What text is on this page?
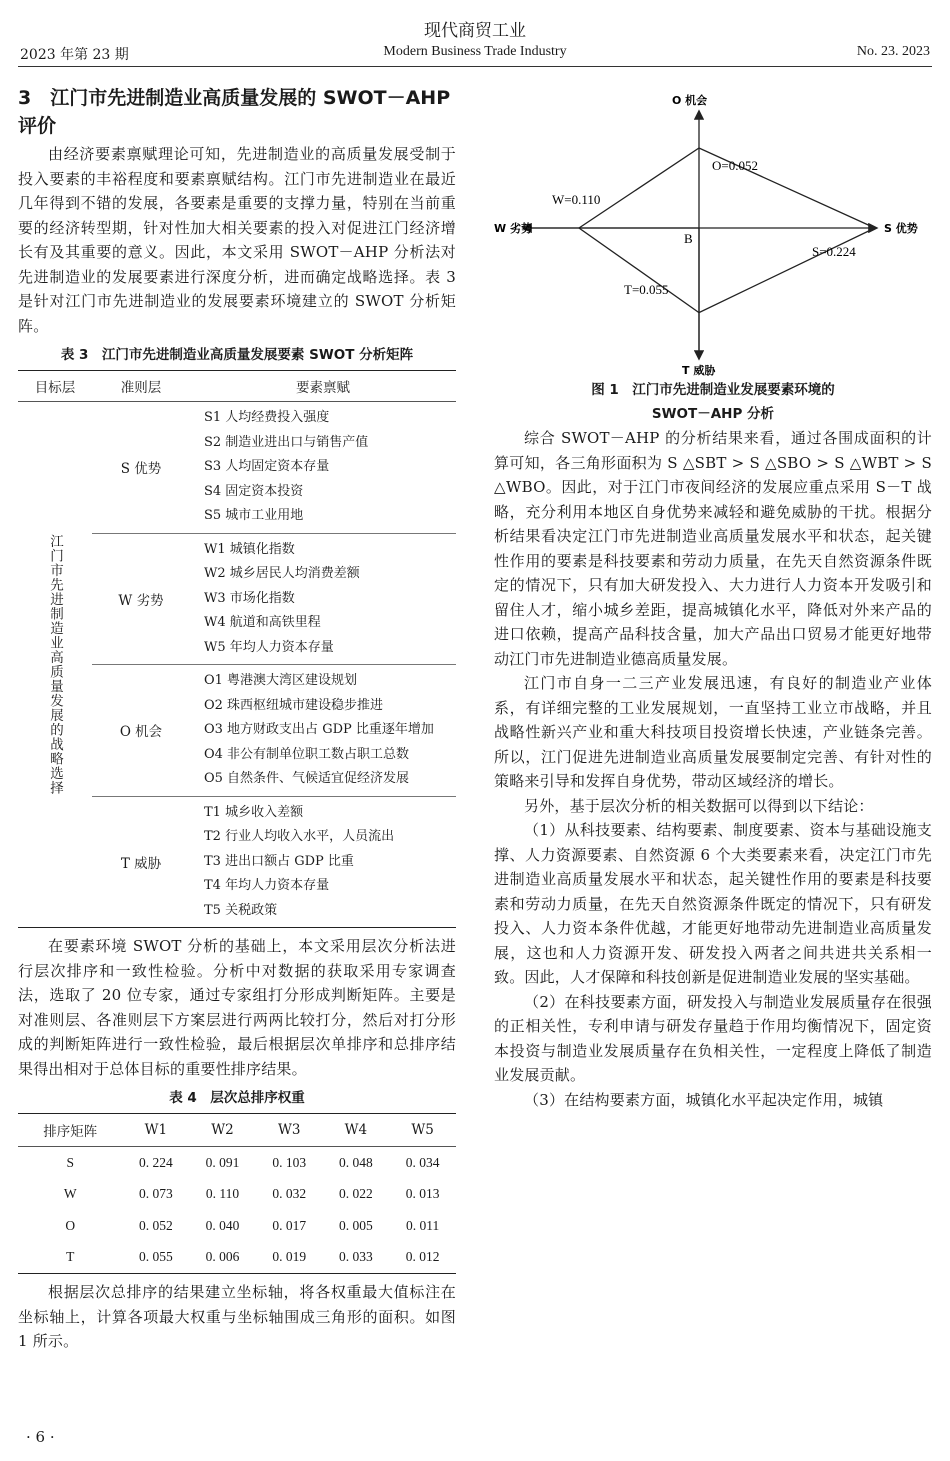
现代商贸工业
2023 年第 23 期	Modern Business Trade Industry	No. 23. 2023
3　江门市先进制造业高质量发展的 SWOT－AHP 评价

由经济要素禀赋理论可知，先进制造业的高质量发展受制于投入要素的丰裕程度和要素禀赋结构。江门市先进制造业在最近几年得到不错的发展，各要素是重要的支撑力量，特别在当前重要的经济转型期，针对性加大相关要素的投入对促进江门经济增长有及其重要的意义。因此，本文采用 SWOT－AHP 分析法对先进制造业的发展要素进行深度分析，进而确定战略选择。表 3 是针对江门市先进制造业的发展要素环境建立的 SWOT 分析矩阵。

表 3　江门市先进制造业高质量发展要素 SWOT 分析矩阵
目标层	准则层	要素禀赋

江门市先进制造业高质量发展的战略选择	S 优势	S1 人均经费投入强度
S2 制造业进出口与销售产值
S3 人均固定资本存量
S4 固定资本投资
S5 城市工业用地

	W 劣势	W1 城镇化指数
W2 城乡居民人均消费差额
W3 市场化指数
W4 航道和高铁里程
W5 年均人力资本存量

	O 机会	O1 粤港澳大湾区建设规划
O2 珠西枢纽城市建设稳步推进
O3 地方财政支出占 GDP 比重逐年增加
O4 非公有制单位职工数占职工总数
O5 自然条件、气候适宜促经济发展

	T 威胁	T1 城乡收入差额
T2 行业人均收入水平，人员流出
T3 进出口额占 GDP 比重
T4 年均人力资本存量
T5 关税政策

在要素环境 SWOT 分析的基础上，本文采用层次分析法进行层次排序和一致性检验。分析中对数据的获取采用专家调查法，选取了 20 位专家，通过专家组打分形成判断矩阵。主要是对准则层、各准则层下方案层进行两两比较打分，然后对打分形成的判断矩阵进行一致性检验，最后根据层次单排序和总排序结果得出相对于总体目标的重要性排序结果。

表 4　层次总排序权重
排序矩阵	W1	W2	W3	W4	W5
S	0. 224	0. 091	0. 103	0. 048	0. 034
W	0. 073	0. 110	0. 032	0. 022	0. 013
O	0. 052	0. 040	0. 017	0. 005	0. 011
T	0. 055	0. 006	0. 019	0. 033	0. 012

根据层次总排序的结果建立坐标轴，将各权重最大值标注在坐标轴上，计算各项最大权重与坐标轴围成三角形的面积。如图 1 所示。

O 机会
T 威胁
W 劣势	S 优势
B
O=0.052
W=0.110
S=0.224
T=0.055
图 1　江门市先进制造业发展要素环境的
SWOT－AHP 分析

综合 SWOT－AHP 的分析结果来看，通过各围成面积的计算可知，各三角形面积为 S △SBT > S △SBO > S △WBT > S △WBO。因此，对于江门市夜间经济的发展应重点采用 S－T 战略，充分利用本地区自身优势来减轻和避免威胁的干扰。根据分析结果看决定江门市先进制造业高质量发展水平和状态，起关键性作用的要素是科技要素和劳动力质量，在先天自然资源条件既定的情况下，只有加大研发投入、大力进行人力资本开发吸引和留住人才，缩小城乡差距，提高城镇化水平，降低对外来产品的进口依赖，提高产品科技含量，加大产品出口贸易才能更好地带动江门市先进制造业德高质量发展。

江门市自身一二三产业发展迅速，有良好的制造业产业体系，有详细完整的工业发展规划，一直坚持工业立市战略，并且战略性新兴产业和重大科技项目投资增长快速，产业链条完善。所以，江门促进先进制造业高质量发展要制定完善、有针对性的策略来引导和发挥自身优势，带动区域经济的增长。

另外，基于层次分析的相关数据可以得到以下结论：

（1）从科技要素、结构要素、制度要素、资本与基础设施支撑、人力资源要素、自然资源 6 个大类要素来看，决定江门市先进制造业高质量发展水平和状态，起关键性作用的要素是科技要素和劳动力质量，在先天自然资源条件既定的情况下，只有研发投入、人力资本条件优越，才能更好地带动先进制造业高质量发展，这也和人力资源开发、研发投入两者之间共进共关系相一致。因此，人才保障和科技创新是促进制造业发展的坚实基础。

（2）在科技要素方面，研发投入与制造业发展质量存在很强的正相关性，专利申请与研发存量趋于作用均衡情况下，固定资本投资与制造业发展质量存在负相关性，一定程度上降低了制造业发展贡献。

（3）在结构要素方面，城镇化水平起决定作用，城镇

· 6 ·
